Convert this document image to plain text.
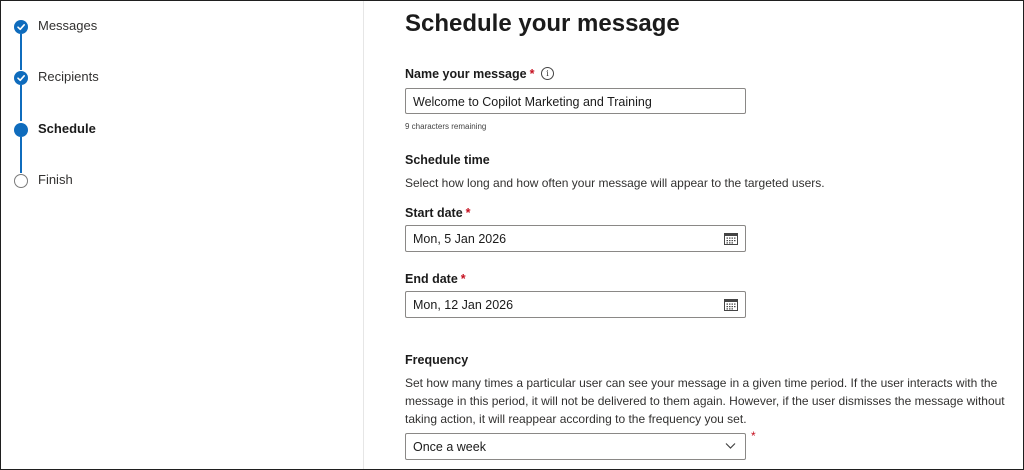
Messages
Recipients
Schedule
Finish
Schedule your message
Name your message *	i
Welcome to Copilot Marketing and Training
9 characters remaining
Schedule time
Select how long and how often your message will appear to the targeted users.
Start date *
Mon, 5 Jan 2026
End date *
Mon, 12 Jan 2026
Frequency
Set how many times a particular user can see your message in a given time period. If the user interacts with the message in this period, it will not be delivered to them again. However, if the user dismisses the message without taking action, it will reappear according to the frequency you set.
Once a week
*
